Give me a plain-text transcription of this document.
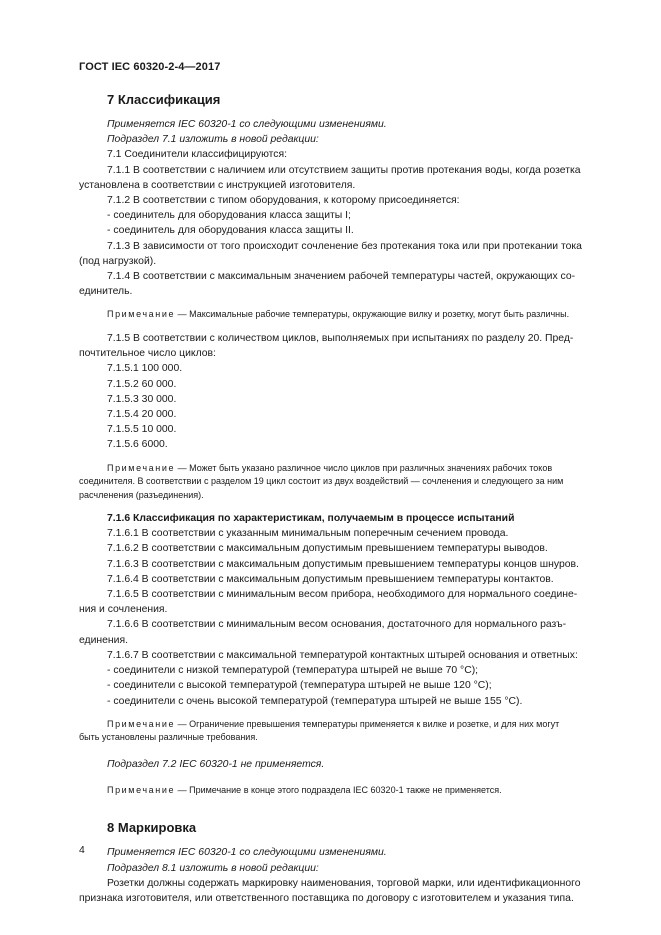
ГОСТ IEC 60320-2-4—2017
7 Классификация

Применяется IEC 60320-1 со следующими изменениями.

Подраздел 7.1 изложить в новой редакции:

7.1 Соединители классифицируются:

7.1.1 В соответствии с наличием или отсутствием защиты против протекания воды, когда розетка

установлена в соответствии с инструкцией изготовителя.

7.1.2 В соответствии с типом оборудования, к которому присоединяется:

- соединитель для оборудования класса защиты I;

- соединитель для оборудования класса защиты II.

7.1.3 В зависимости от того происходит сочленение без протекания тока или при протекании тока

(под нагрузкой).

7.1.4 В соответствии с максимальным значением рабочей температуры частей, окружающих со-

единитель.

Примечание — Максимальные рабочие температуры, окружающие вилку и розетку, могут быть различны.

7.1.5 В соответствии с количеством циклов, выполняемых при испытаниях по разделу 20. Пред-

почтительное число циклов:

7.1.5.1 100 000.

7.1.5.2 60 000.

7.1.5.3 30 000.

7.1.5.4 20 000.

7.1.5.5 10 000.

7.1.5.6 6000.

Примечание — Может быть указано различное число циклов при различных значениях рабочих токов

соединителя. В соответствии с разделом 19 цикл состоит из двух воздействий — сочленения и следующего за ним

расчленения (разъединения).

7.1.6 Классификация по характеристикам, получаемым в процессе испытаний

7.1.6.1 В соответствии с указанным минимальным поперечным сечением провода.

7.1.6.2 В соответствии с максимальным допустимым превышением температуры выводов.

7.1.6.3 В соответствии с максимальным допустимым превышением температуры концов шнуров.

7.1.6.4 В соответствии с максимальным допустимым превышением температуры контактов.

7.1.6.5 В соответствии с минимальным весом прибора, необходимого для нормального соедине-

ния и сочленения.

7.1.6.6 В соответствии с минимальным весом основания, достаточного для нормального разъ-

единения.

7.1.6.7 В соответствии с максимальной температурой контактных штырей основания и ответных:

- соединители с низкой температурой (температура штырей не выше 70 °С);

- соединители с высокой температурой (температура штырей не выше 120 °С);

- соединители с очень высокой температурой (температура штырей не выше 155 °С).

Примечание — Ограничение превышения температуры применяется к вилке и розетке, и для них могут

быть установлены различные требования.

Подраздел 7.2 IEC 60320-1 не применяется.

Примечание — Примечание в конце этого подраздела IEC 60320-1 также не применяется.

8 Маркировка

Применяется IEC 60320-1 со следующими изменениями.

Подраздел 8.1 изложить в новой редакции:

Розетки должны содержать маркировку наименования, торговой марки, или идентификационного

признака изготовителя, или ответственного поставщика по договору с изготовителем и указания типа.

4
